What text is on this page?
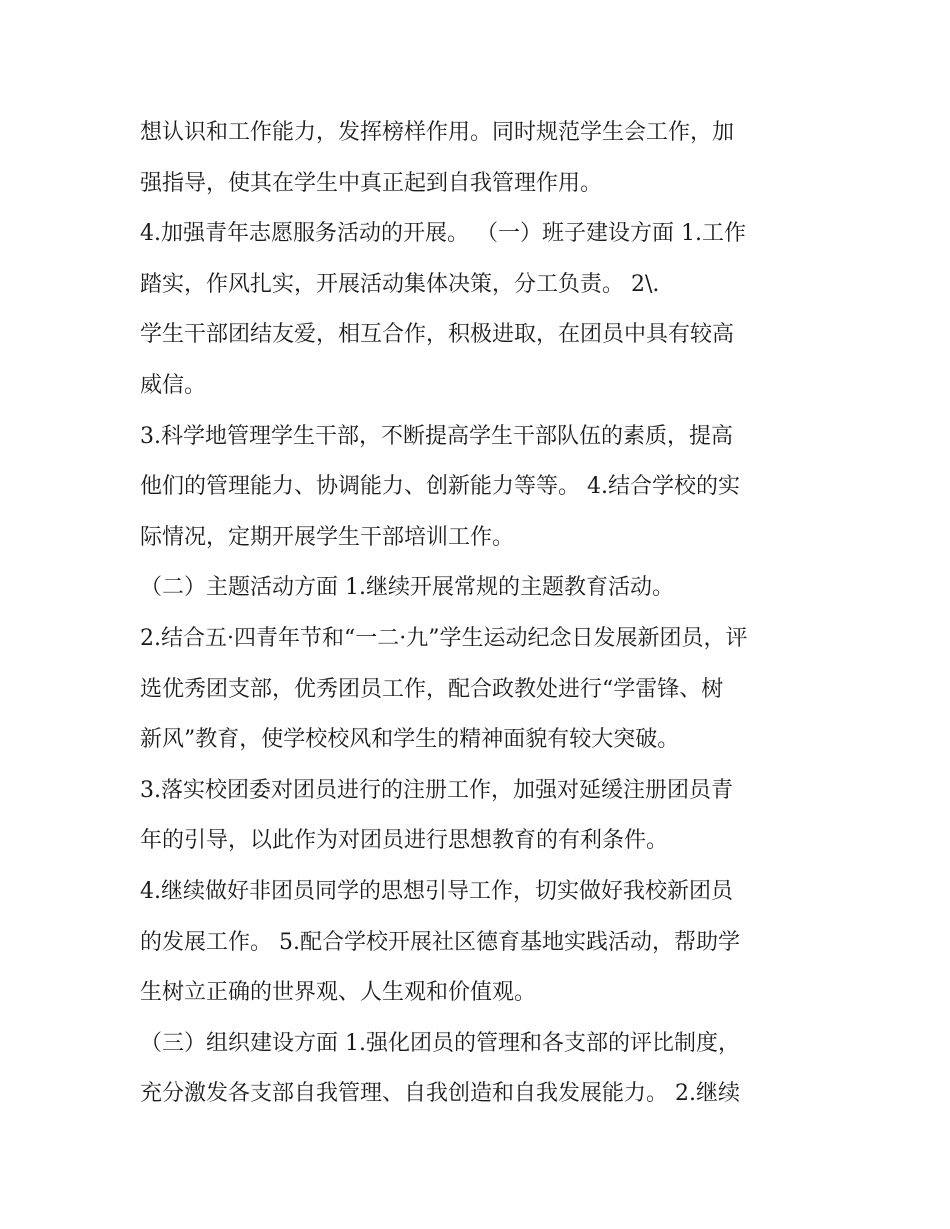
想认识和工作能力，发挥榜样作用。同时规范学生会工作，加
强指导，使其在学生中真正起到自我管理作用。
4.加强青年志愿服务活动的开展。 （一）班子建设方面 1.工作
踏实，作风扎实，开展活动集体决策，分工负责。 2\.
学生干部团结友爱，相互合作，积极进取，在团员中具有较高
威信。
3.科学地管理学生干部，不断提高学生干部队伍的素质，提高
他们的管理能力、协调能力、创新能力等等。 4.结合学校的实
际情况，定期开展学生干部培训工作。
（二）主题活动方面 1.继续开展常规的主题教育活动。
2.结合五·四青年节和“一二·九”学生运动纪念日发展新团员，评
选优秀团支部，优秀团员工作，配合政教处进行“学雷锋、树
新风”教育，使学校校风和学生的精神面貌有较大突破。
3.落实校团委对团员进行的注册工作，加强对延缓注册团员青
年的引导，以此作为对团员进行思想教育的有利条件。
4.继续做好非团员同学的思想引导工作，切实做好我校新团员
的发展工作。 5.配合学校开展社区德育基地实践活动，帮助学
生树立正确的世界观、人生观和价值观。
（三）组织建设方面 1.强化团员的管理和各支部的评比制度，
充分激发各支部自我管理、自我创造和自我发展能力。 2.继续
